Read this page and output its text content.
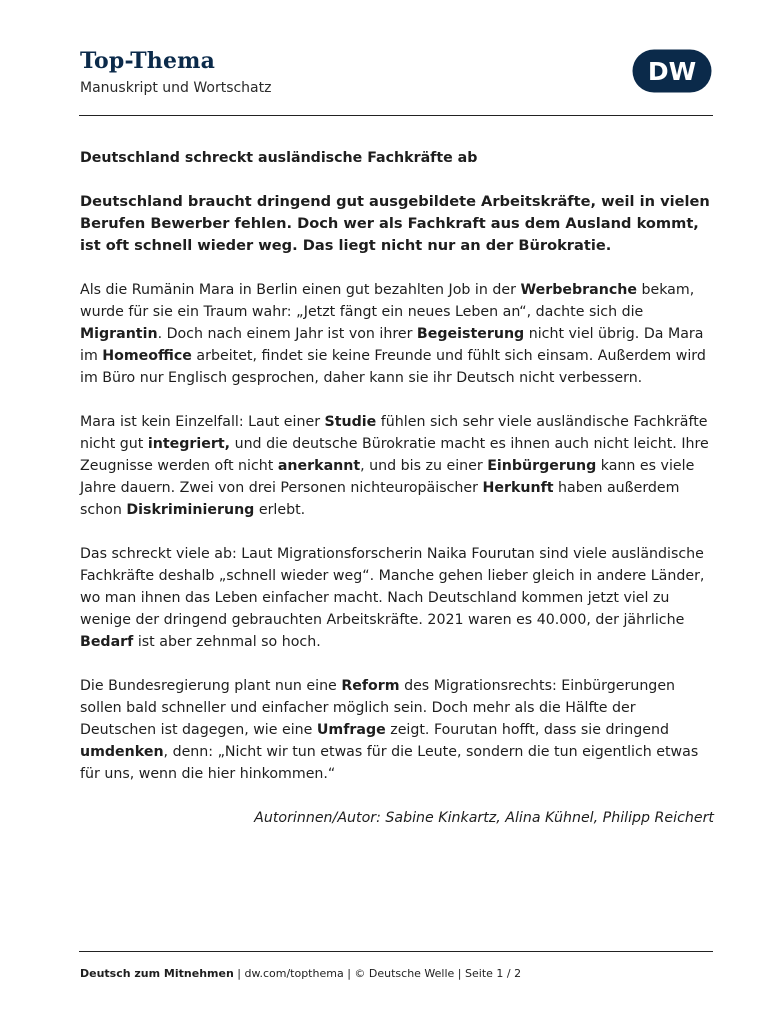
Top-Thema
Manuskript und Wortschatz
DW
Deutschland schreckt ausländische Fachkräfte ab

Deutschland braucht dringend gut ausgebildete Arbeitskräfte, weil in vielen Berufen Bewerber fehlen. Doch wer als Fachkraft aus dem Ausland kommt, ist oft schnell wieder weg. Das liegt nicht nur an der Bürokratie.

Als die Rumänin Mara in Berlin einen gut bezahlten Job in der Werbebranche bekam, wurde für sie ein Traum wahr: „Jetzt fängt ein neues Leben an“, dachte sich die Migrantin. Doch nach einem Jahr ist von ihrer Begeisterung nicht viel übrig. Da Mara im Homeoffice arbeitet, findet sie keine Freunde und fühlt sich einsam. Außerdem wird im Büro nur Englisch gesprochen, daher kann sie ihr Deutsch nicht verbessern.

Mara ist kein Einzelfall: Laut einer Studie fühlen sich sehr viele ausländische Fachkräfte nicht gut integriert, und die deutsche Bürokratie macht es ihnen auch nicht leicht. Ihre Zeugnisse werden oft nicht anerkannt, und bis zu einer Einbürgerung kann es viele Jahre dauern. Zwei von drei Personen nichteuropäischer Herkunft haben außerdem schon Diskriminierung erlebt.

Das schreckt viele ab: Laut Migrationsforscherin Naika Fourutan sind viele ausländische Fachkräfte deshalb „schnell wieder weg“. Manche gehen lieber gleich in andere Länder, wo man ihnen das Leben einfacher macht. Nach Deutschland kommen jetzt viel zu wenige der dringend gebrauchten Arbeitskräfte. 2021 waren es 40.000, der jährliche Bedarf ist aber zehnmal so hoch.

Die Bundesregierung plant nun eine Reform des Migrationsrechts: Einbürgerungen sollen bald schneller und einfacher möglich sein. Doch mehr als die Hälfte der Deutschen ist dagegen, wie eine Umfrage zeigt. Fourutan hofft, dass sie dringend umdenken, denn: „Nicht wir tun etwas für die Leute, sondern die tun eigentlich etwas für uns, wenn die hier hinkommen.“

Autorinnen/Autor: Sabine Kinkartz, Alina Kühnel, Philipp Reichert

Deutsch zum Mitnehmen | dw.com/topthema | © Deutsche Welle | Seite 1 / 2
